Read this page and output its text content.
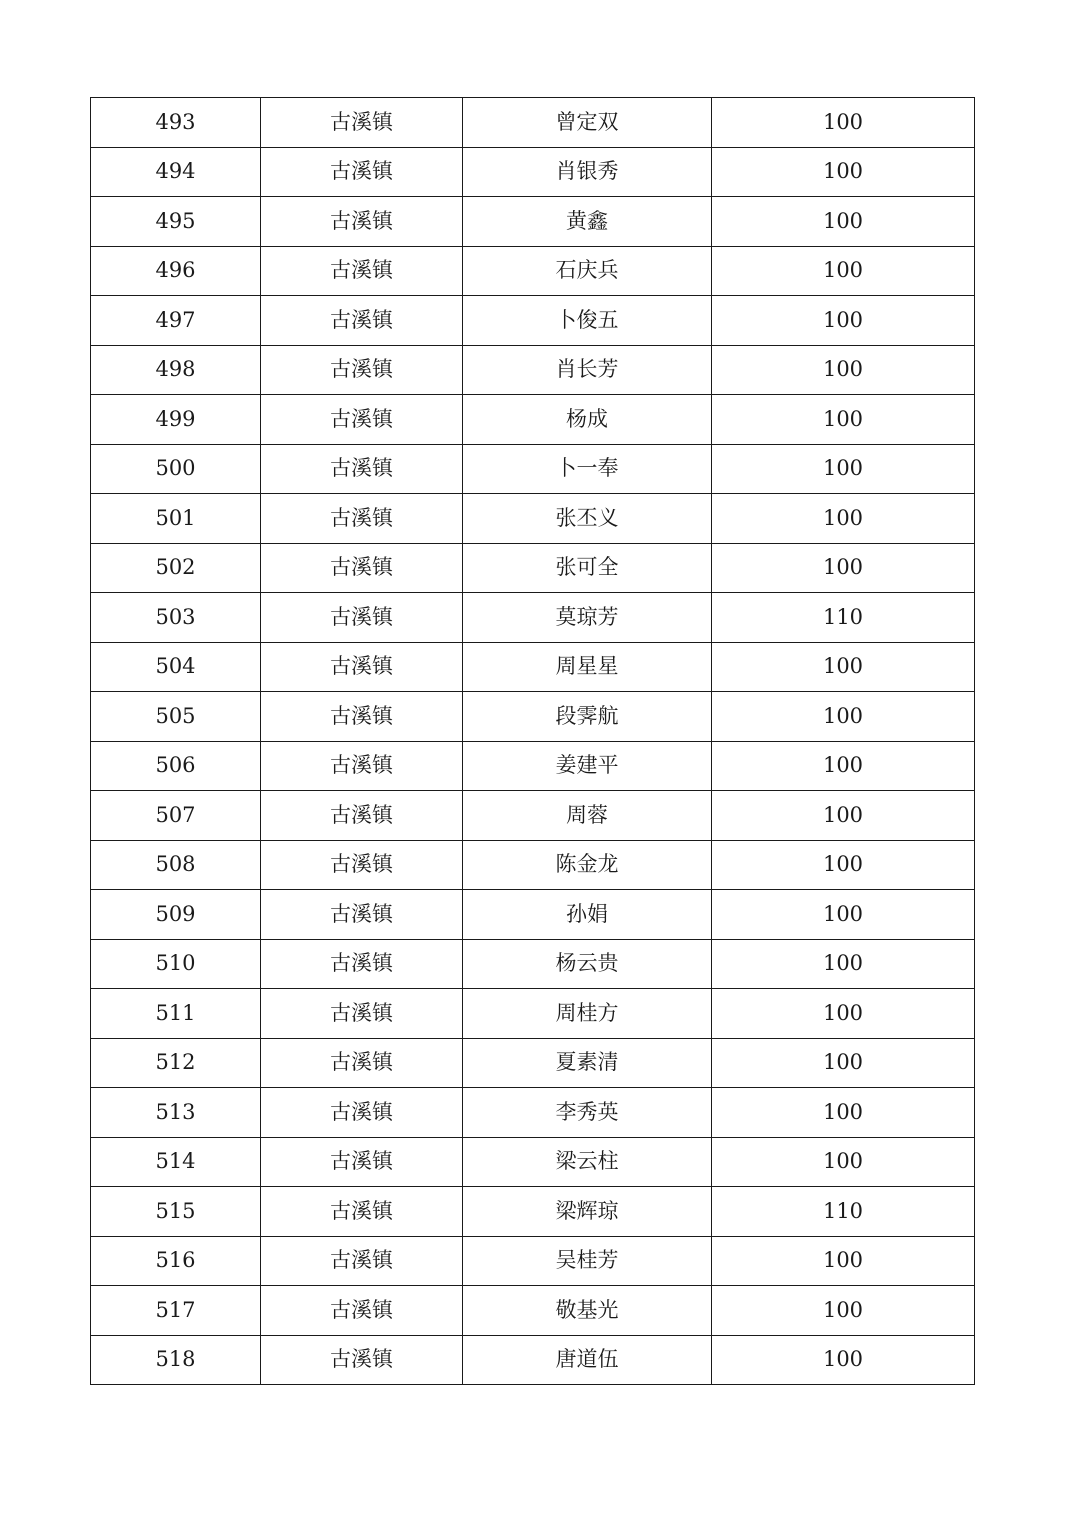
493	古溪镇	曾定双	100
494	古溪镇	肖银秀	100
495	古溪镇	黄鑫	100
496	古溪镇	石庆兵	100
497	古溪镇	卜俊五	100
498	古溪镇	肖长芳	100
499	古溪镇	杨成	100
500	古溪镇	卜一奉	100
501	古溪镇	张丕义	100
502	古溪镇	张可全	100
503	古溪镇	莫琼芳	110
504	古溪镇	周星星	100
505	古溪镇	段霁航	100
506	古溪镇	姜建平	100
507	古溪镇	周蓉	100
508	古溪镇	陈金龙	100
509	古溪镇	孙娟	100
510	古溪镇	杨云贵	100
511	古溪镇	周桂方	100
512	古溪镇	夏素清	100
513	古溪镇	李秀英	100
514	古溪镇	梁云柱	100
515	古溪镇	梁辉琼	110
516	古溪镇	吴桂芳	100
517	古溪镇	敬基光	100
518	古溪镇	唐道伍	100
